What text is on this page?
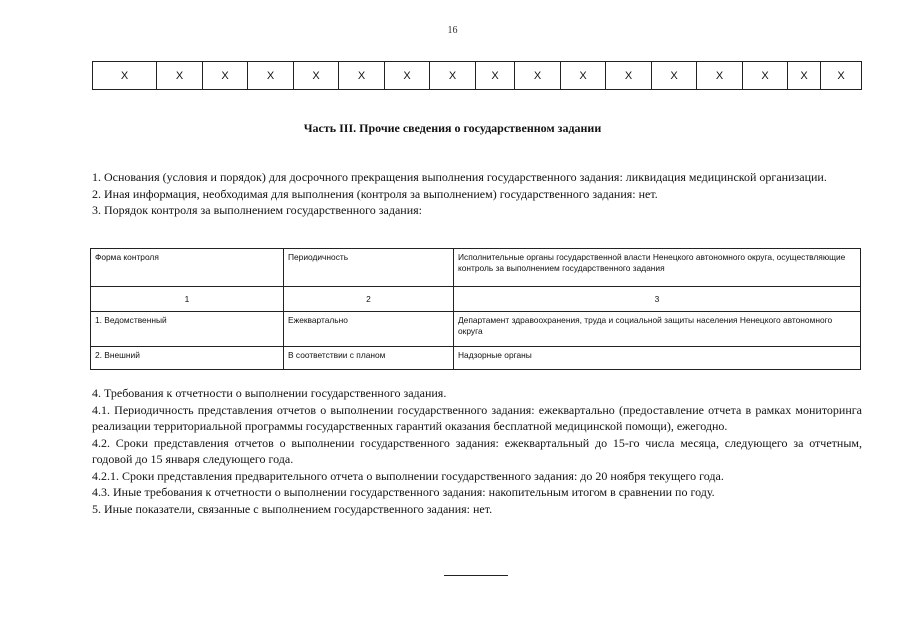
16
X	X	X	X	X	X	X	X	X	X	X	X	X	X	X	X	X
Часть III. Прочие сведения о государственном задании

1. Основания (условия и порядок) для досрочного прекращения выполнения государственного задания: ликвидация медицинской организации.

2. Иная информация, необходимая для выполнения (контроля за выполнением) государственного задания: нет.

3. Порядок контроля за выполнением государственного задания:

Форма контроля	Периодичность	Исполнительные органы государственной власти Ненецкого автономного округа, осуществляющие контроль за выполнением государственного задания
1	2	3
1. Ведомственный	Ежеквартально	Департамент здравоохранения, труда и социальной защиты населения Ненецкого автономного округа
2. Внешний	В соответствии с планом	Надзорные органы

4. Требования к отчетности о выполнении государственного задания.

4.1. Периодичность представления отчетов о выполнении государственного задания: ежеквартально (предоставление отчета в рамках мониторинга реализации территориальной программы государственных гарантий оказания бесплатной медицинской помощи), ежегодно.

4.2. Сроки представления отчетов о выполнении государственного задания: ежеквартальный до 15-го числа месяца, следующего за отчетным, годовой до 15 января следующего года.

4.2.1. Сроки представления предварительного отчета о выполнении государственного задания: до 20 ноября текущего года.

4.3. Иные требования к отчетности о выполнении государственного задания: накопительным итогом в сравнении по году.

5. Иные показатели, связанные с выполнением государственного задания: нет.
